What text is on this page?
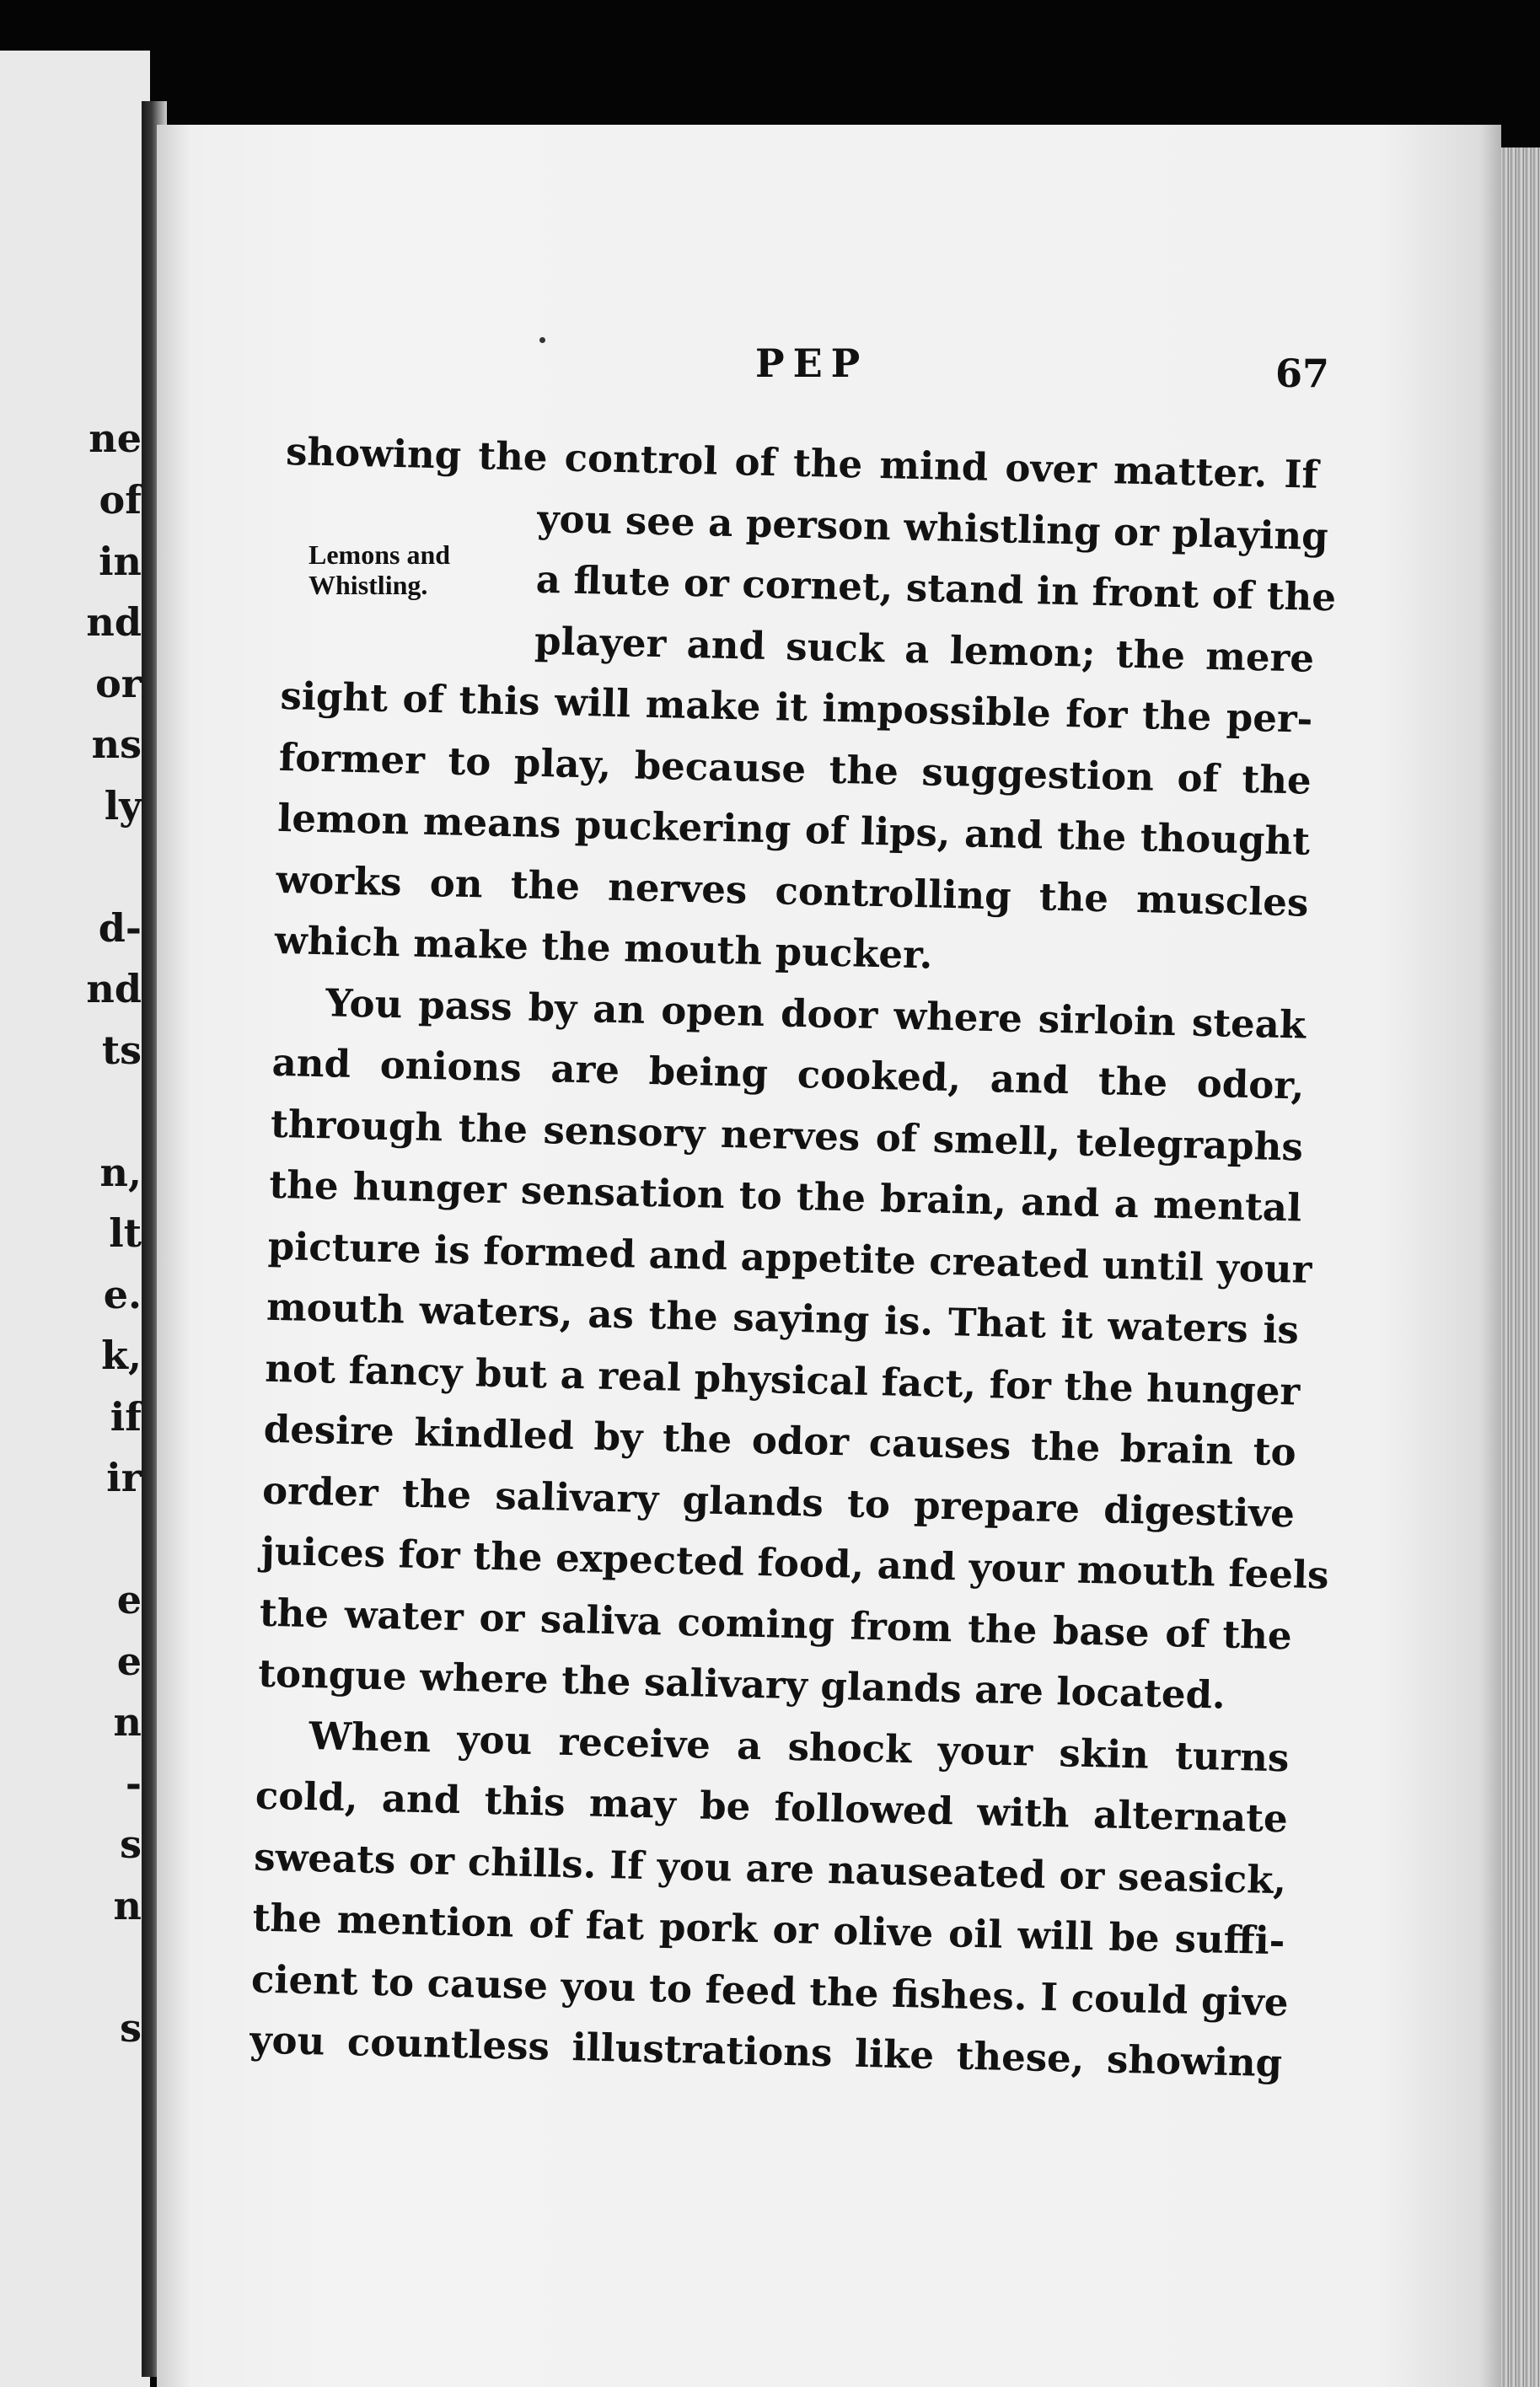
ne
of
in
nd
or
ns
ly
d-
nd
ts
n,
lt
e.
k,
if
ir
e
e
n
-
s
n
s
PEP	67
Lemons and
Whistling.
showing the control of the mind over matter. If
you see a person whistling or playing
a flute or cornet, stand in front of the
player and suck a lemon; the mere
sight of this will make it impossible for the per-
former to play, because the suggestion of the
lemon means puckering of lips, and the thought
works on the nerves controlling the muscles
which make the mouth pucker.
You pass by an open door where sirloin steak
and onions are being cooked, and the odor,
through the sensory nerves of smell, telegraphs
the hunger sensation to the brain, and a mental
picture is formed and appetite created until your
mouth waters, as the saying is. That it waters is
not fancy but a real physical fact, for the hunger
desire kindled by the odor causes the brain to
order the salivary glands to prepare digestive
juices for the expected food, and your mouth feels
the water or saliva coming from the base of the
tongue where the salivary glands are located.
When you receive a shock your skin turns
cold, and this may be followed with alternate
sweats or chills. If you are nauseated or seasick,
the mention of fat pork or olive oil will be suffi-
cient to cause you to feed the fishes. I could give
you countless illustrations like these, showing
